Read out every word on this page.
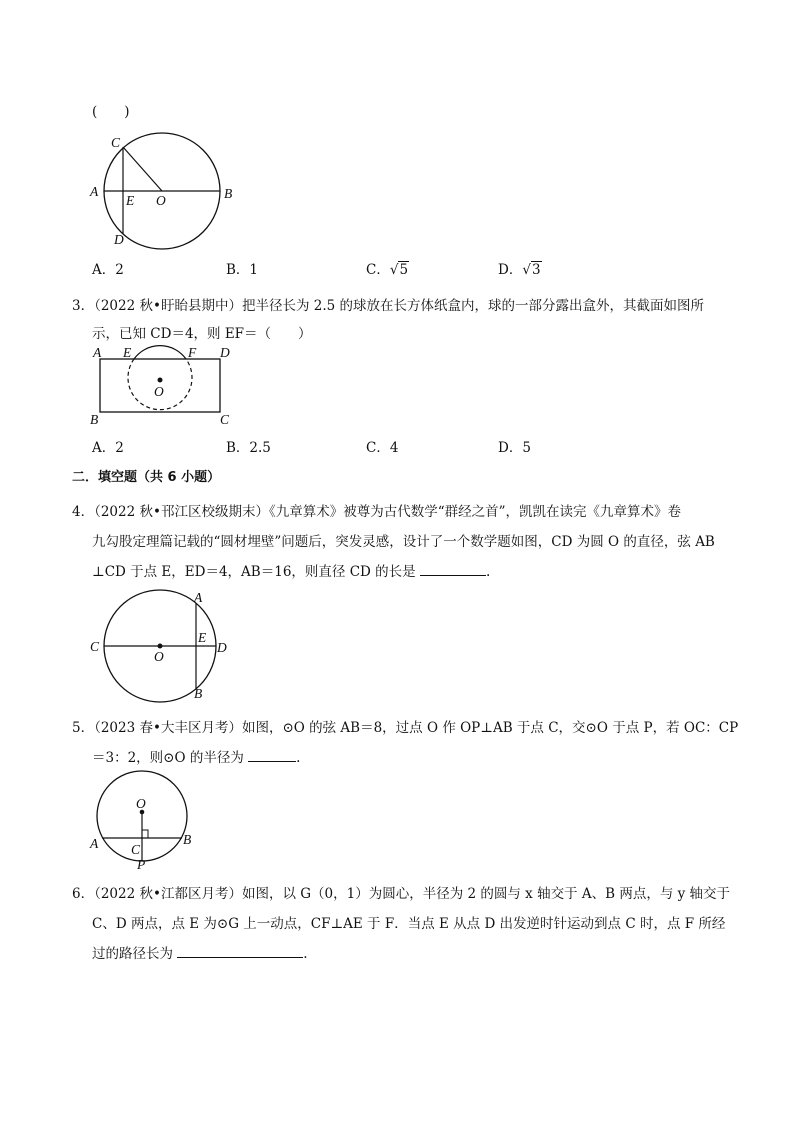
(　　)
A	B
C
D
E O
A．2	B．1	C．√5	D．√3
3．（2022 秋•盱眙县期中）把半径长为 2.5 的球放在长方体纸盒内，球的一部分露出盒外，其截面如图所
示，已知 CD＝4，则 EF＝（　　）
A E	F D
O
B	C
A．2	B．2.5	C．4	D．5
二．填空题（共 6 小题）
4．（2022 秋•邗江区校级期末）《九章算术》被尊为古代数学“群经之首”，凯凯在读完《九章算术》卷
九勾股定理篇记载的“圆材埋壁”问题后，突发灵感，设计了一个数学题如图，CD 为圆 O 的直径，弦 AB
⊥CD 于点 E，ED＝4，AB＝16，则直径 CD 的长是	.
A
B
C	D
E
O
5．（2023 春•大丰区月考）如图，⊙O 的弦 AB＝8，过点 O 作 OP⊥AB 于点 C，交⊙O 于点 P，若 OC：CP
＝3：2，则⊙O 的半径为	.
O
A	B
C
P
6．（2022 秋•江都区月考）如图，以 G（0，1）为圆心，半径为 2 的圆与 x 轴交于 A、B 两点，与 y 轴交于
C、D 两点，点 E 为⊙G 上一动点，CF⊥AE 于 F．当点 E 从点 D 出发逆时针运动到点 C 时，点 F 所经
过的路径长为	.
